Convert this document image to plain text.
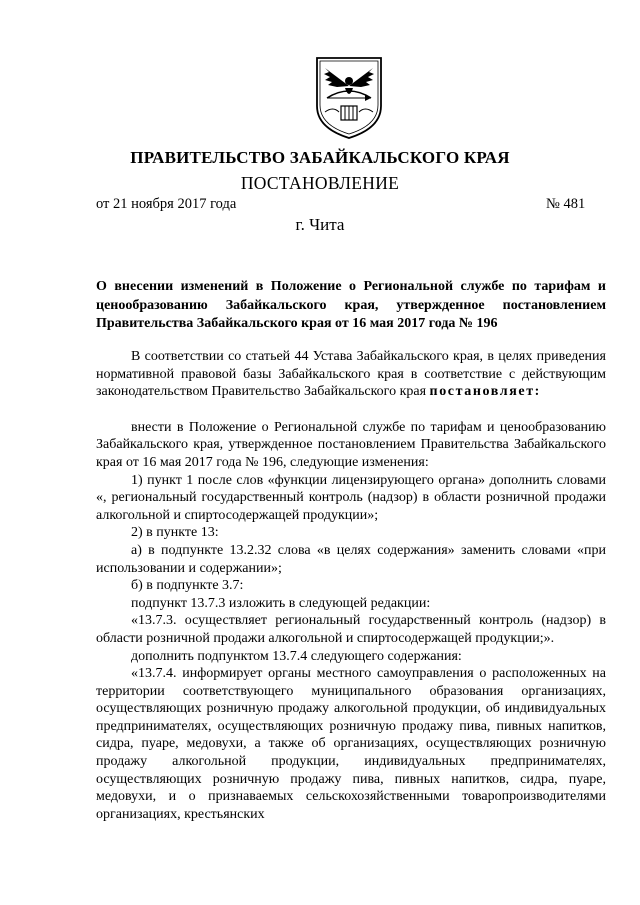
ПРАВИТЕЛЬСТВО ЗАБАЙКАЛЬСКОГО КРАЯ
ПОСТАНОВЛЕНИЕ
от 21 ноября 2017 года	№ 481
г. Чита
О внесении изменений в Положение о Региональной службе по тарифам и ценообразованию Забайкальского края, утвержденное постановлением Правительства Забайкальского края от 16 мая 2017 года № 196

В соответствии со статьей 44 Устава Забайкальского края, в целях приведения нормативной правовой базы Забайкальского края в соответствие с действующим законодательством Правительство Забайкальского края постановляет:

внести в Положение о Региональной службе по тарифам и ценообразованию Забайкальского края, утвержденное постановлением Правительства Забайкальского края от 16 мая 2017 года № 196, следующие изменения:

1) пункт 1 после слов «функции лицензирующего органа» дополнить словами «, региональный государственный контроль (надзор) в области розничной продажи алкогольной и спиртосодержащей продукции»;

2) в пункте 13:

а) в подпункте 13.2.32 слова «в целях содержания» заменить словами «при использовании и содержании»;

б) в подпункте 3.7:

подпункт 13.7.3 изложить в следующей редакции:

«13.7.3. осуществляет региональный государственный контроль (надзор) в области розничной продажи алкогольной и спиртосодержащей продукции;».

дополнить подпунктом 13.7.4 следующего содержания:

«13.7.4. информирует органы местного самоуправления о расположенных на территории соответствующего муниципального образования организациях, осуществляющих розничную продажу алкогольной продукции, об индивидуальных предпринимателях, осуществляющих розничную продажу пива, пивных напитков, сидра, пуаре, медовухи, а также об организациях, осуществляющих розничную продажу алкогольной продукции, индивидуальных предпринимателях, осуществляющих розничную продажу пива, пивных напитков, сидра, пуаре, медовухи, и о признаваемых сельскохозяйственными товаропроизводителями организациях, крестьянских
